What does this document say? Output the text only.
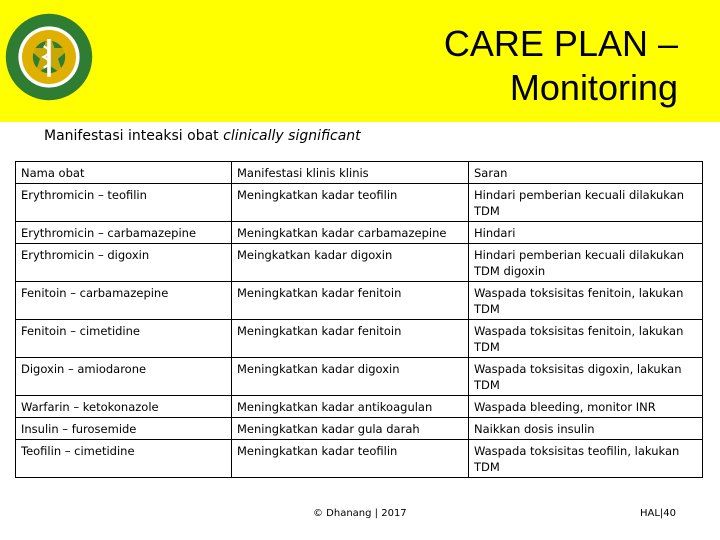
CARE PLAN –
Monitoring
Manifestasi inteaksi obat clinically significant
Nama obat	Manifestasi klinis klinis	Saran
Erythromicin – teofilin	Meningkatkan kadar teofilin	Hindari pemberian kecuali dilakukan TDM
Erythromicin – carbamazepine	Meningkatkan kadar carbamazepine	Hindari
Erythromicin – digoxin	Meingkatkan kadar digoxin	Hindari pemberian kecuali dilakukan TDM digoxin
Fenitoin – carbamazepine	Meningkatkan kadar fenitoin	Waspada toksisitas fenitoin, lakukan TDM
Fenitoin – cimetidine	Meningkatkan kadar fenitoin	Waspada toksisitas fenitoin, lakukan TDM
Digoxin – amiodarone	Meningkatkan kadar digoxin	Waspada toksisitas digoxin, lakukan TDM
Warfarin – ketokonazole	Meningkatkan kadar antikoagulan	Waspada bleeding, monitor INR
Insulin – furosemide	Meningkatkan kadar gula darah	Naikkan dosis insulin
Teofilin – cimetidine	Meningkatkan kadar teofilin	Waspada toksisitas teofilin, lakukan TDM
© Dhanang | 2017	HAL|40
